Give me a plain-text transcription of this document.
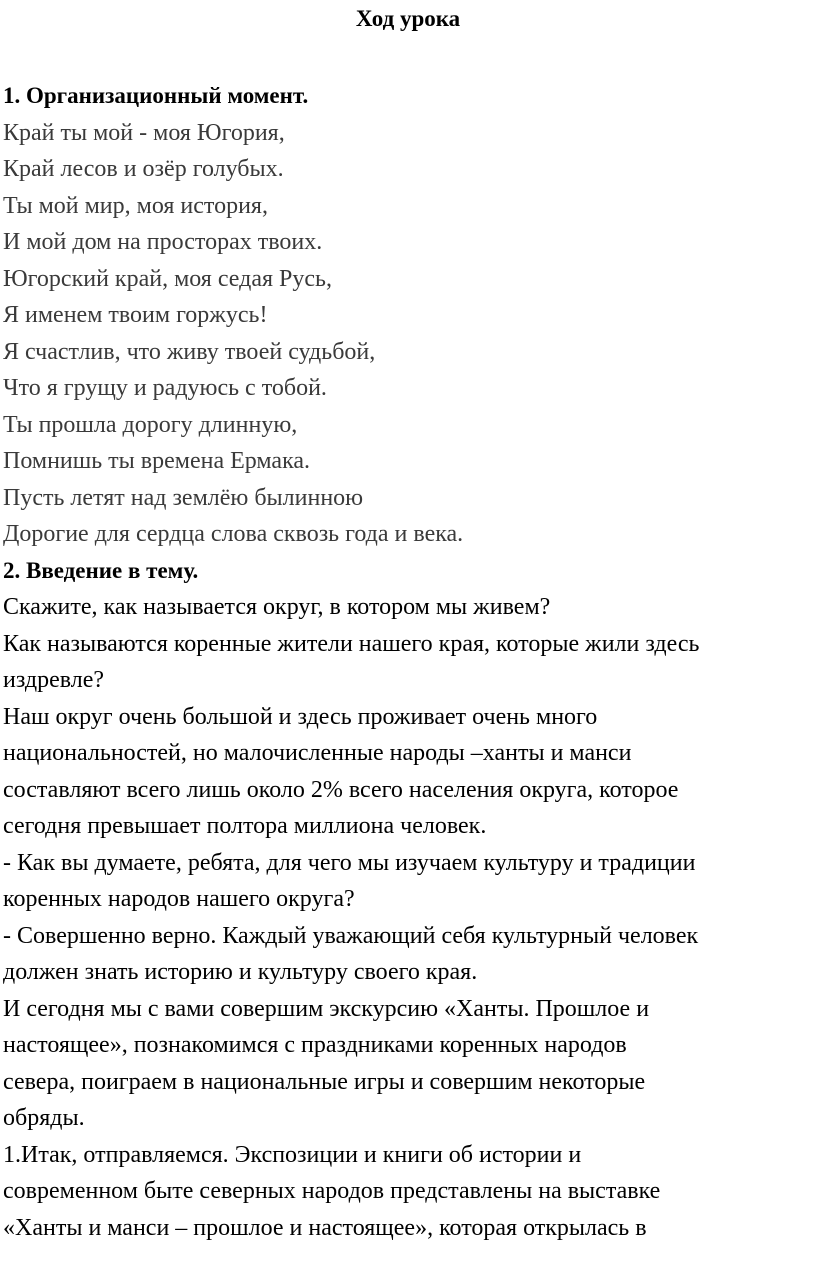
Ход урока
1. Организационный момент.
Край ты мой - моя Югория,
Край лесов и озёр голубых.
Ты мой мир, моя история,
И мой дом на просторах твоих.
Югорский край, моя седая Русь,
Я именем твоим горжусь!
Я счастлив, что живу твоей судьбой,
Что я грущу и радуюсь с тобой.
Ты прошла дорогу длинную,
Помнишь ты времена Ермака.
Пусть летят над землёю былинною
Дорогие для сердца слова сквозь года и века.
2. Введение в тему.
Скажите, как называется округ, в котором мы живем?
Как называются коренные жители нашего края, которые жили здесь
издревле?
Наш округ очень большой и здесь проживает очень много
национальностей, но малочисленные народы –ханты и манси
составляют всего лишь около 2% всего населения округа, которое
сегодня превышает полтора миллиона человек.
- Как вы думаете, ребята, для чего мы изучаем культуру и традиции
коренных народов нашего округа?
- Совершенно верно. Каждый уважающий себя культурный человек
должен знать историю и культуру своего края.
И сегодня мы с вами совершим экскурсию «Ханты. Прошлое и
настоящее», познакомимся с праздниками коренных народов
севера, поиграем в национальные игры и совершим некоторые
обряды.
1.Итак, отправляемся. Экспозиции и книги об истории и
современном быте северных народов представлены на выставке
«Ханты и манси – прошлое и настоящее», которая открылась в
